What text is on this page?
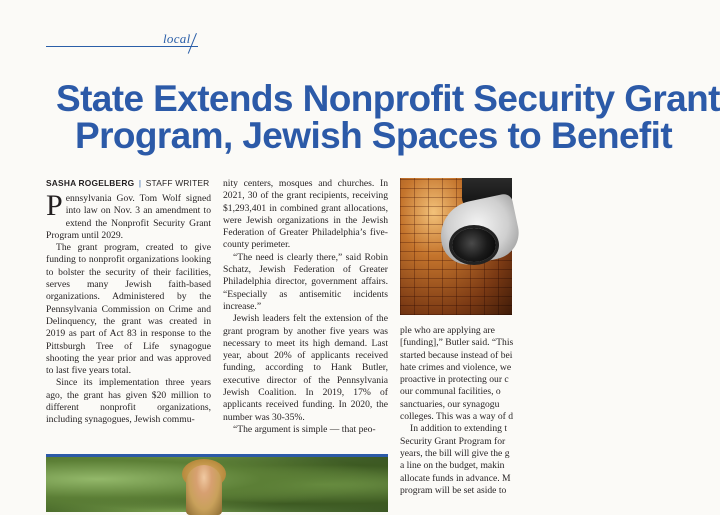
local
State Extends Nonprofit Security Grant
Program, Jewish Spaces to Benefit
SASHA ROGELBERG | STAFF WRITER

Pennsylvania Gov. Tom Wolf signed into law on Nov. 3 an amendment to extend the Nonprofit Security Grant Program until 2029.

The grant program, created to give funding to nonprofit organizations looking to bolster the security of their facilities, serves many Jewish faith-based organizations. Administered by the Pennsylvania Commission on Crime and Delinquency, the grant was created in 2019 as part of Act 83 in response to the Pittsburgh Tree of Life synagogue shooting the year prior and was approved to last five years total.

Since its implementation three years ago, the grant has given $20 million to different nonprofit organizations, including synagogues, Jewish commu-

nity centers, mosques and churches. In 2021, 30 of the grant recipients, receiving $1,293,401 in combined grant allocations, were Jewish organizations in the Jewish Federation of Greater Philadelphia’s five-county perimeter.

“The need is clearly there,” said Robin Schatz, Jewish Federation of Greater Philadelphia director, government affairs. “Especially as antisemitic incidents increase.”

Jewish leaders felt the extension of the grant program by another five years was necessary to meet its high demand. Last year, about 20% of applicants received funding, according to Hank Butler, executive director of the Pennsylvania Jewish Coalition. In 2019, 17% of applicants received funding. In 2020, the number was 30-35%.

“The argument is simple — that peo-

ple who are applying are

[funding],” Butler said. “This

started because instead of bei

hate crimes and violence, we

proactive in protecting our c

our communal facilities, o

sanctuaries, our synagogu

colleges. This was a way of d

In addition to extending t

Security Grant Program for

years, the bill will give the g

a line on the budget, makin

allocate funds in advance. M

program will be set aside to
